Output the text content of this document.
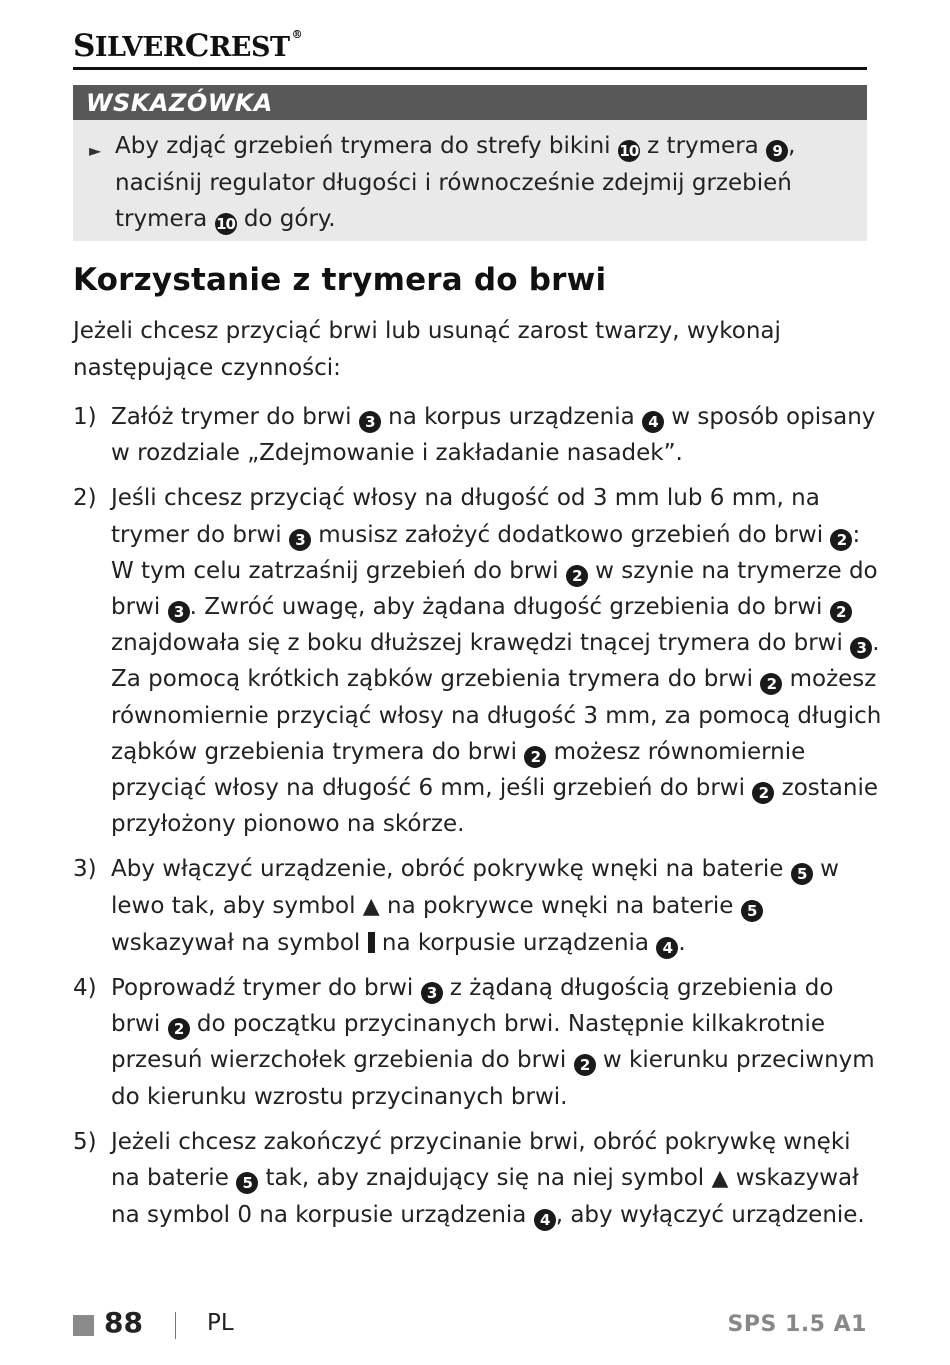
SILVERCREST ®
WSKAZÓWKA
► Aby zdjąć grzebień trymera do strefy bikini 10 z trymera 9 , naciśnij regulator długości i równocześnie zdejmij grzebień trymera 10 do góry.
Korzystanie z trymera do brwi
Jeżeli chcesz przyciąć brwi lub usunąć zarost twarzy, wykonaj następujące czynności:
1) Załóż trymer do brwi 3 na korpus urządzenia 4 w sposób opisany w rozdziale „Zdejmowanie i zakładanie nasadek”.
2) Jeśli chcesz przyciąć włosy na długość od 3 mm lub 6 mm, na trymer do brwi 3 musisz założyć dodatkowo grzebień do brwi 2 : W tym celu zatrzaśnij grzebień do brwi 2 w szynie na trymerze do brwi 3 . Zwróć uwagę, aby żądana długość grzebienia do brwi 2 znajdowała się z boku dłuższej krawędzi tnącej trymera do brwi 3 . Za pomocą krótkich ząbków grzebienia trymera do brwi 2 możesz równomiernie przyciąć włosy na długość 3 mm, za pomocą długich ząbków grzebienia trymera do brwi 2 możesz równomiernie przyciąć włosy na długość 6 mm, jeśli grzebień do brwi 2 zostanie przyłożony pionowo na skórze.
3) Aby włączyć urządzenie, obróć pokrywkę wnęki na baterie 5 w lewo tak, aby symbol ▲ na pokrywce wnęki na baterie 5 wskazywał na symbol  na korpusie urządzenia 4 .
4) Poprowadź trymer do brwi 3 z żądaną długością grzebienia do brwi 2 do początku przycinanych brwi. Następnie kilkakrotnie przesuń wierzchołek grzebienia do brwi 2 w kierunku przeciwnym do kierunku wzrostu przycinanych brwi.
5) Jeżeli chcesz zakończyć przycinanie brwi, obróć pokrywkę wnęki na baterie 5 tak, aby znajdujący się na niej symbol ▲ wskazywał na symbol 0 na korpusie urządzenia 4 , aby wyłączyć urządzenie.
88	PL	SPS 1.5 A1
